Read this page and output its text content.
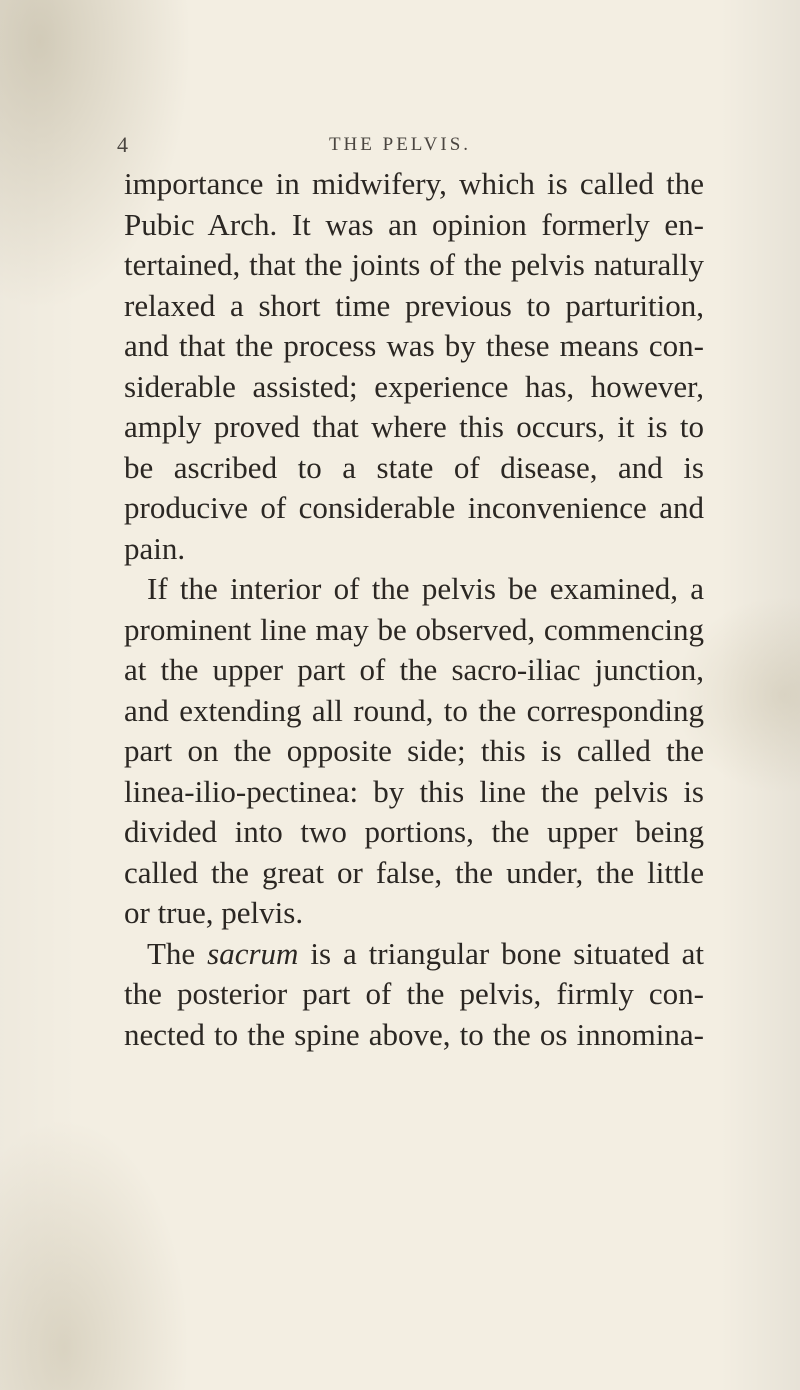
4	THE PELVIS.
importance in midwifery, which is called the
Pubic Arch. It was an opinion formerly en-
tertained, that the joints of the pelvis naturally
relaxed a short time previous to parturition,
and that the process was by these means con-
siderable assisted; experience has, however,
amply proved that where this occurs, it is to
be ascribed to a state of disease, and is
producive of considerable inconvenience and
pain.
If the interior of the pelvis be examined, a
prominent line may be observed, commencing
at the upper part of the sacro-iliac junction,
and extending all round, to the corresponding
part on the opposite side; this is called the
linea-ilio-pectinea: by this line the pelvis is
divided into two portions, the upper being
called the great or false, the under, the little
or true, pelvis.
The sacrum is a triangular bone situated at
the posterior part of the pelvis, firmly con-
nected to the spine above, to the os innomina-
